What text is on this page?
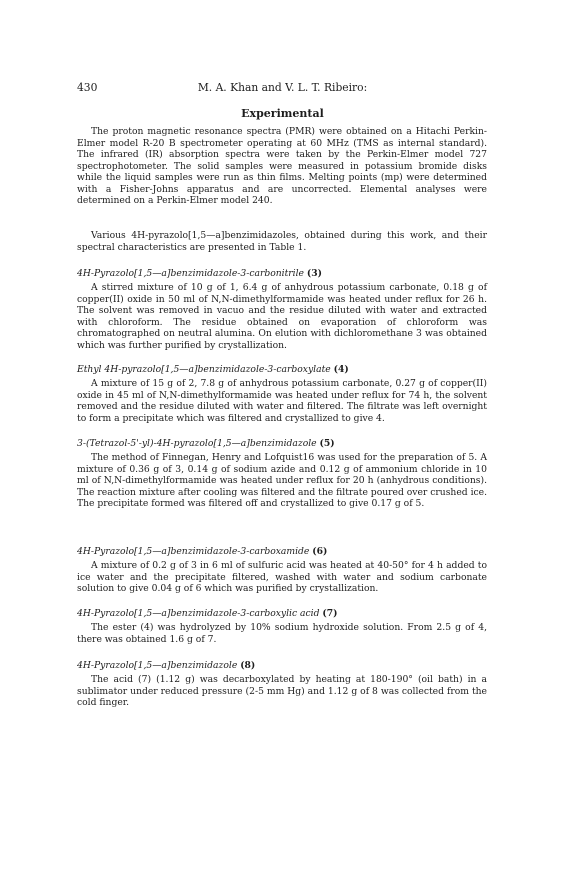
430	M. A. Khan and V. L. T. Ribeiro:
Experimental

The proton magnetic resonance spectra (PMR) were obtained on a Hitachi Perkin-Elmer model R-20 B spectrometer operating at 60 MHz (TMS as internal standard). The infrared (IR) absorption spectra were taken by the Perkin-Elmer model 727 spectrophotometer. The solid samples were measured in potassium bromide disks while the liquid samples were run as thin films. Melting points (mp) were determined with a Fisher-Johns apparatus and are uncorrected. Elemental analyses were determined on a Perkin-Elmer model 240.

Various 4H-pyrazolo[1,5—a]benzimidazoles, obtained during this work, and their spectral characteristics are presented in Table 1.

4H-Pyrazolo[1,5—a]benzimidazole-3-carbonitrile (3)

A stirred mixture of 10 g of 1, 6.4 g of anhydrous potassium carbonate, 0.18 g of copper(II) oxide in 50 ml of N,N-dimethylformamide was heated under reflux for 26 h. The solvent was removed in vacuo and the residue diluted with water and extracted with chloroform. The residue obtained on evaporation of chloroform was chromatographed on neutral alumina. On elution with dichloromethane 3 was obtained which was further purified by crystallization.

Ethyl 4H-pyrazolo[1,5—a]benzimidazole-3-carboxylate (4)

A mixture of 15 g of 2, 7.8 g of anhydrous potassium carbonate, 0.27 g of copper(II) oxide in 45 ml of N,N-dimethylformamide was heated under reflux for 74 h, the solvent removed and the residue diluted with water and filtered. The filtrate was left overnight to form a precipitate which was filtered and crystallized to give 4.

3-(Tetrazol-5'-yl)-4H-pyrazolo[1,5—a]benzimidazole (5)

The method of Finnegan, Henry and Lofquist16 was used for the preparation of 5. A mixture of 0.36 g of 3, 0.14 g of sodium azide and 0.12 g of ammonium chloride in 10 ml of N,N-dimethylformamide was heated under reflux for 20 h (anhydrous conditions). The reaction mixture after cooling was filtered and the filtrate poured over crushed ice. The precipitate formed was filtered off and crystallized to give 0.17 g of 5.

4H-Pyrazolo[1,5—a]benzimidazole-3-carboxamide (6)

A mixture of 0.2 g of 3 in 6 ml of sulfuric acid was heated at 40-50° for 4 h added to ice water and the precipitate filtered, washed with water and sodium carbonate solution to give 0.04 g of 6 which was purified by crystallization.

4H-Pyrazolo[1,5—a]benzimidazole-3-carboxylic acid (7)

The ester (4) was hydrolyzed by 10% sodium hydroxide solution. From 2.5 g of 4, there was obtained 1.6 g of 7.

4H-Pyrazolo[1,5—a]benzimidazole (8)

The acid (7) (1.12 g) was decarboxylated by heating at 180-190° (oil bath) in a sublimator under reduced pressure (2-5 mm Hg) and 1.12 g of 8 was collected from the cold finger.
